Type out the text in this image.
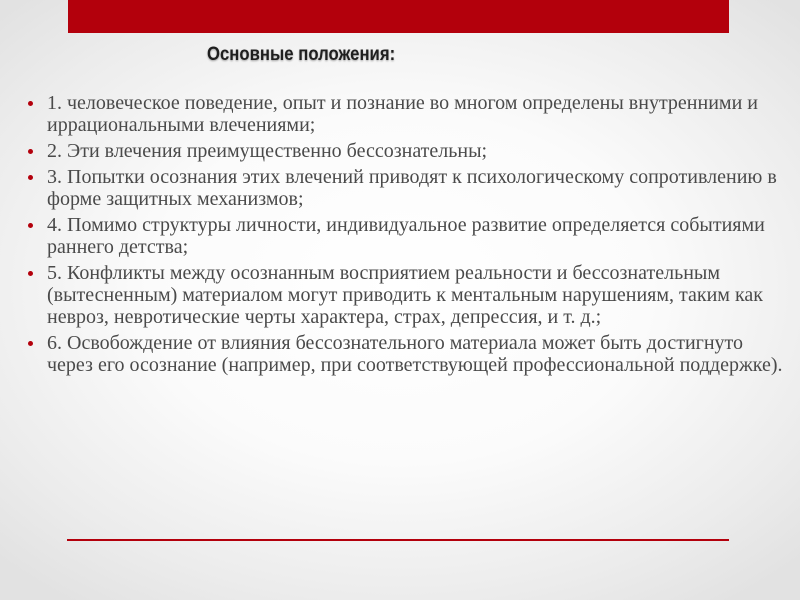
Основные положения:
1. человеческое поведение, опыт и познание во многом определены внутренними и иррациональными влечениями;
2. Эти влечения преимущественно бессознательны;
3. Попытки осознания этих влечений приводят к психологическому сопротивлению в форме защитных механизмов;
4. Помимо структуры личности, индивидуальное развитие определяется событиями раннего детства;
5. Конфликты между осознанным восприятием реальности и бессознательным (вытесненным) материалом могут приводить к ментальным нарушениям, таким как невроз, невротические черты характера, страх, депрессия, и т. д.;
6. Освобождение от влияния бессознательного материала может быть достигнуто через его осознание (например, при соответствующей профессиональной поддержке).
